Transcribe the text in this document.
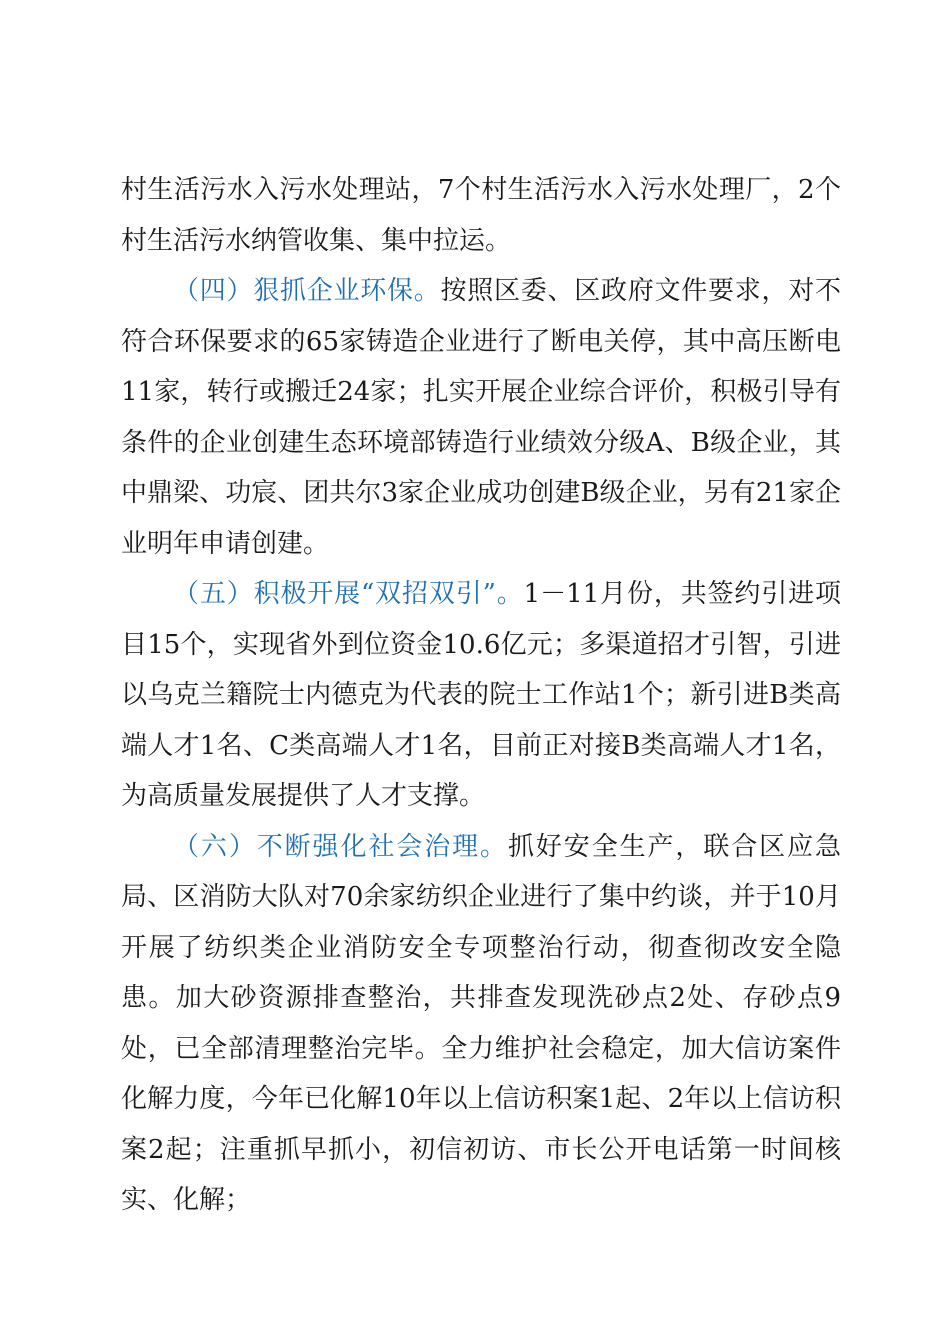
村生活污水入污水处理站，7个村生活污水入污水处理厂，2个村生活污水纳管收集、集中拉运。

（四）狠抓企业环保。按照区委、区政府文件要求，对不符合环保要求的65家铸造企业进行了断电关停，其中高压断电11家，转行或搬迁24家；扎实开展企业综合评价，积极引导有条件的企业创建生态环境部铸造行业绩效分级A、B级企业，其中鼎梁、功宸、团共尔3家企业成功创建B级企业，另有21家企业明年申请创建。

（五）积极开展“双招双引”。1－11月份，共签约引进项目15个，实现省外到位资金10.6亿元；多渠道招才引智，引进以乌克兰籍院士内德克为代表的院士工作站1个；新引进B类高端人才1名、C类高端人才1名，目前正对接B类高端人才1名，为高质量发展提供了人才支撑。

（六）不断强化社会治理。抓好安全生产，联合区应急局、区消防大队对70余家纺织企业进行了集中约谈，并于10月开展了纺织类企业消防安全专项整治行动，彻查彻改安全隐患。加大砂资源排查整治，共排查发现洗砂点2处、存砂点9处，已全部清理整治完毕。全力维护社会稳定，加大信访案件化解力度，今年已化解10年以上信访积案1起、2年以上信访积案2起；注重抓早抓小，初信初访、市长公开电话第一时间核实、化解；
